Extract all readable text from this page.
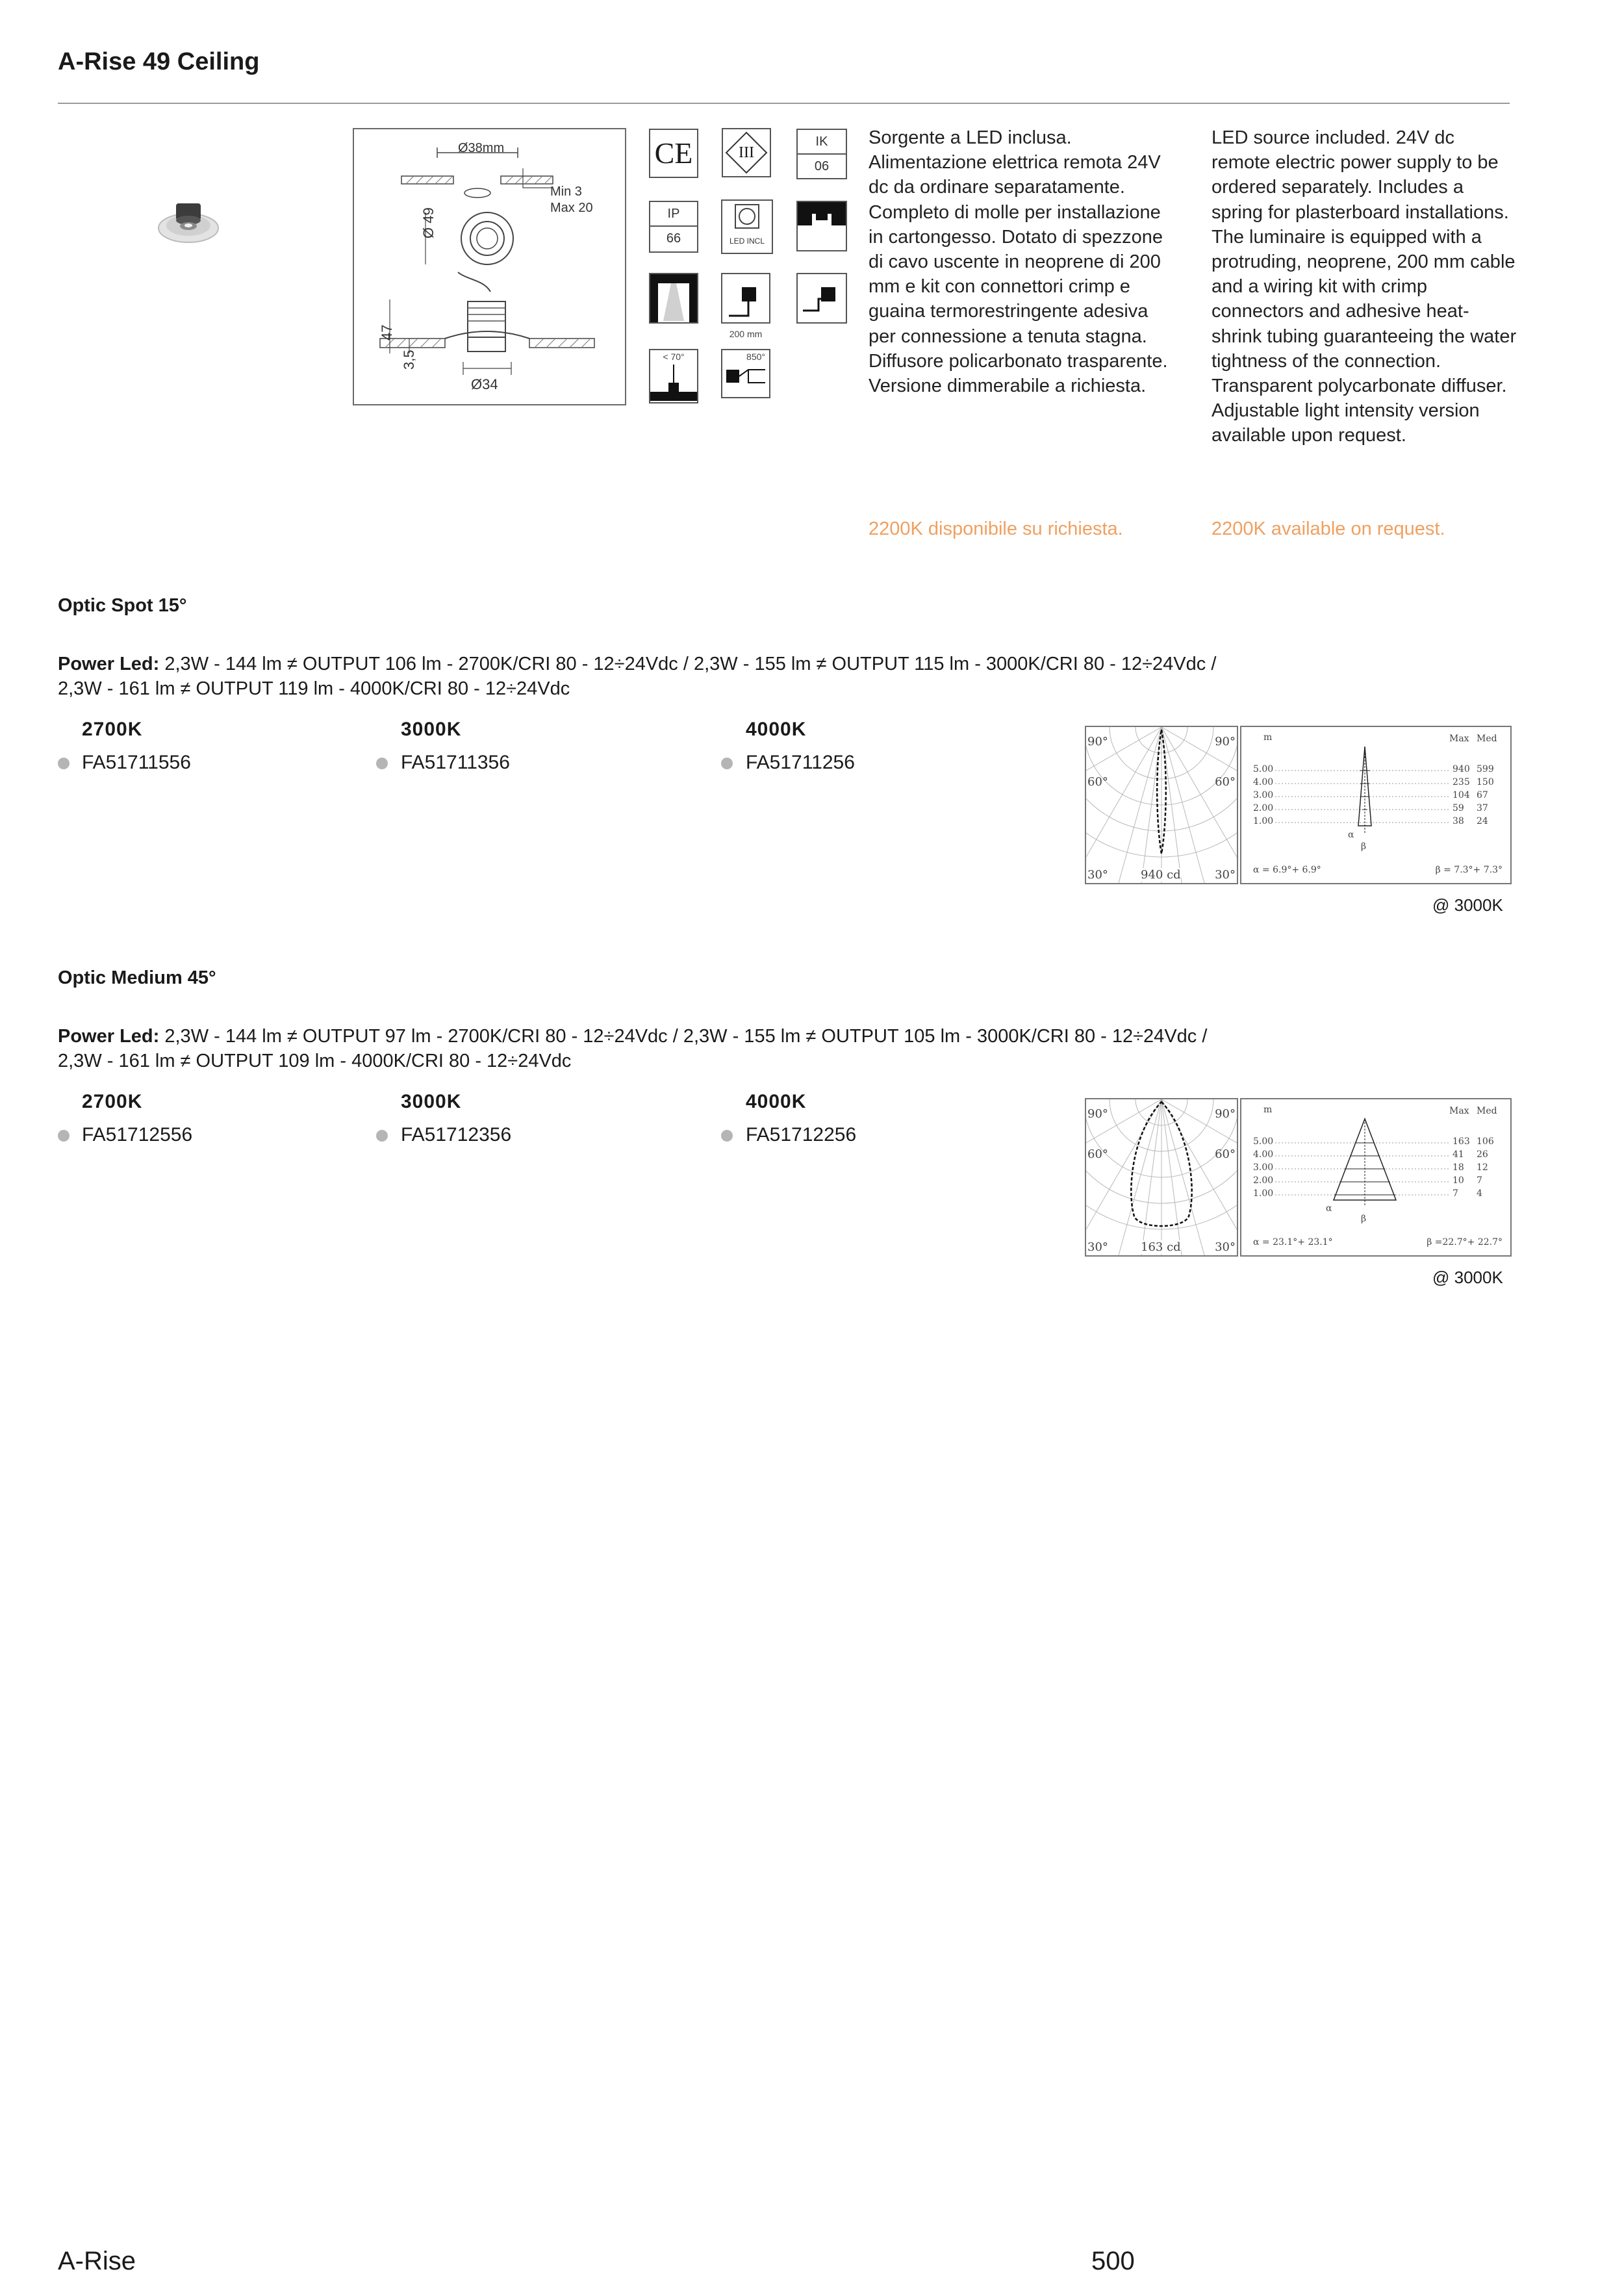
A-Rise 49 Ceiling
Ø38mm
Min 3
Max 20
Ø 49
47
3,5
Ø34
CE	III
IK
06
IP
66	LED INCL
200 mm
< 70°	850°
Sorgente a LED inclusa. Alimentazione elettrica remota 24V dc da ordinare separatamente. Completo di molle per installazione in cartongesso. Dotato di spezzone di cavo uscente in neoprene di 200 mm e kit con connettori crimp e guaina termorestringente adesiva per connessione a tenuta stagna. Diffusore policarbonato trasparente. Versione dimmerabile a richiesta.
LED source included. 24V dc remote electric power supply to be ordered separately. Includes a spring for plasterboard installations. The luminaire is equipped with a protruding, neoprene, 200 mm cable and a wiring kit with crimp connectors and adhesive heat-shrink tubing guaranteeing the water tightness of the connection. Transparent polycarbonate diffuser. Adjustable light intensity version available upon request.
2200K disponibile su richiesta.	2200K available on request.
Optic Spot 15°
Power Led: 2,3W - 144 lm ≠ OUTPUT 106 lm - 2700K/CRI 80 - 12÷24Vdc / 2,3W - 155 lm ≠ OUTPUT 115 lm - 3000K/CRI 80 - 12÷24Vdc /
2,3W - 161 lm ≠ OUTPUT 119 lm - 4000K/CRI 80 - 12÷24Vdc
2700K	3000K	4000K
FA51711556	FA51711356	FA51711256
90°	90°
60°	60°
30°	30°
940 cd
m	Max Med
5.00	940 599
4.00	235 150
3.00	104 67
2.00	59 37
1.00	38 24
α
β
α = 6.9°+ 6.9°	β = 7.3°+ 7.3°
@ 3000K
Optic Medium 45°
Power Led: 2,3W - 144 lm ≠ OUTPUT 97 lm - 2700K/CRI 80 - 12÷24Vdc / 2,3W - 155 lm ≠ OUTPUT 105 lm - 3000K/CRI 80 - 12÷24Vdc /
2,3W - 161 lm ≠ OUTPUT 109 lm - 4000K/CRI 80 - 12÷24Vdc
2700K	3000K	4000K
FA51712556	FA51712356	FA51712256
90°	90°
60°	60°
30°	30°
163 cd
m	Max Med
5.00	163 106
4.00	41 26
3.00	18 12
2.00	10 7
1.00	7 4
α
β
α = 23.1°+ 23.1°	β =22.7°+ 22.7°
@ 3000K
A-Rise	500
